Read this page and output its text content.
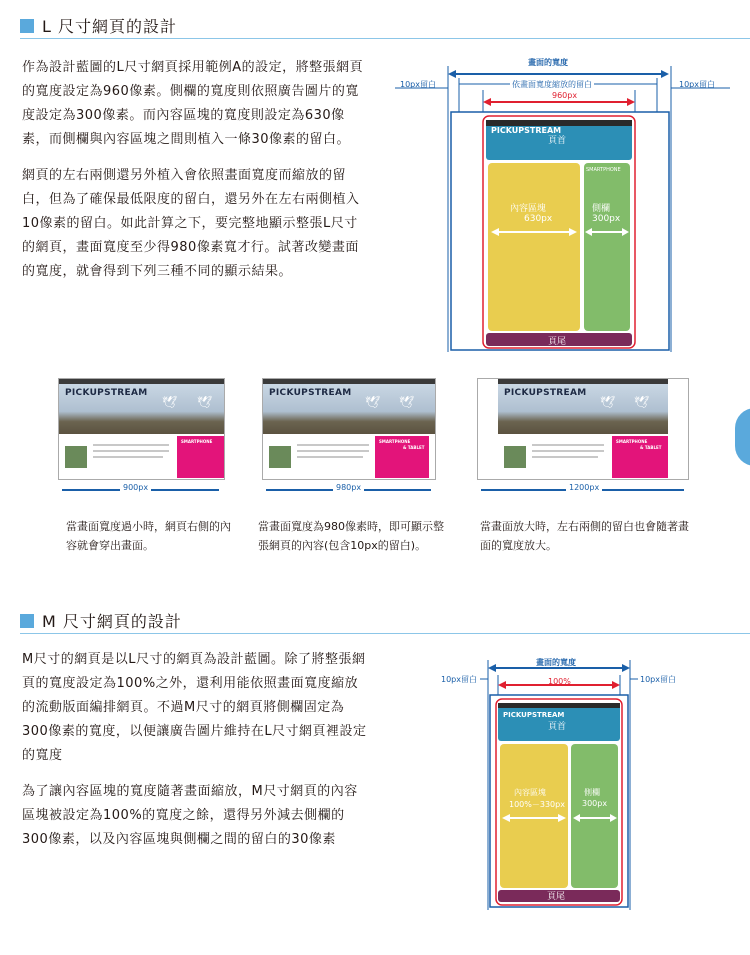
L 尺寸網頁的設計

作為設計藍圖的L尺寸網頁採用範例A的設定，將整張網頁的寬度設定為960像素。側欄的寬度則依照廣告圖片的寬度設定為300像素。而內容區塊的寬度則設定為630像素，而側欄與內容區塊之間則植入一條30像素的留白。

網頁的左右兩側還另外植入會依照畫面寬度而縮放的留白，但為了確保最低限度的留白，還另外在左右兩側植入10像素的留白。如此計算之下，要完整地顯示整張L尺寸的網頁，畫面寬度至少得980像素寬才行。試著改變畫面的寬度，就會得到下列三種不同的顯示結果。

畫面的寬度
10px留白	10px留白
依畫面寬度縮放的留白
960px
PICKUPSTREAM
頁首
內容區塊
630px
側欄
300px
SMARTPHONE
頁尾
PICKUPSTREAM
🕊 🕊
SMARTPHONE
900px
當畫面寬度過小時，網頁右側的內容就會穿出畫面。
PICKUPSTREAM
🕊 🕊
SMARTPHONE
& TABLET
980px
當畫面寬度為980像素時，即可顯示整張網頁的內容(包含10px的留白)。
PICKUPSTREAM
🕊 🕊
SMARTPHONE
& TABLET
1200px
當畫面放大時，左右兩側的留白也會隨著畫面的寬度放大。
M 尺寸網頁的設計

M尺寸的網頁是以L尺寸的網頁為設計藍圖。除了將整張網頁的寬度設定為100%之外，還利用能依照畫面寬度縮放的流動版面編排網頁。不過M尺寸的網頁將側欄固定為300像素的寬度，以便讓廣告圖片維持在L尺寸網頁裡設定的寬度

為了讓內容區塊的寬度隨著畫面縮放，M尺寸網頁的內容區塊被設定為100%的寬度之餘，還得另外減去側欄的300像素，以及內容區塊與側欄之間的留白的30像素

畫面的寬度
10px留白	10px留白
100%
PICKUPSTREAM
頁首
內容區塊
100%－330px
側欄
300px
頁尾
